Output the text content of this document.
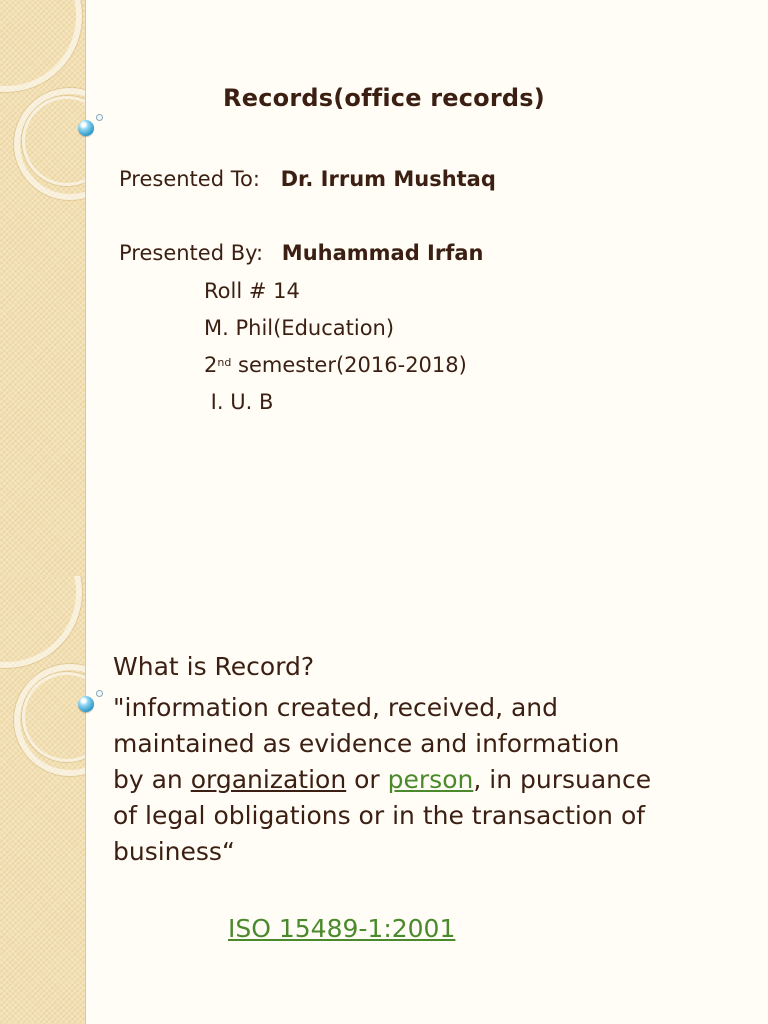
Records(office records)
Presented To: Dr. Irrum Mushtaq
Presented By: Muhammad Irfan
Roll # 14
M. Phil(Education)
2nd semester(2016-2018)
I. U. B

What is Record?

"information created, received, and maintained as evidence and information by an organization or person, in pursuance of legal obligations or in the transaction of business“

ISO 15489-1:2001
